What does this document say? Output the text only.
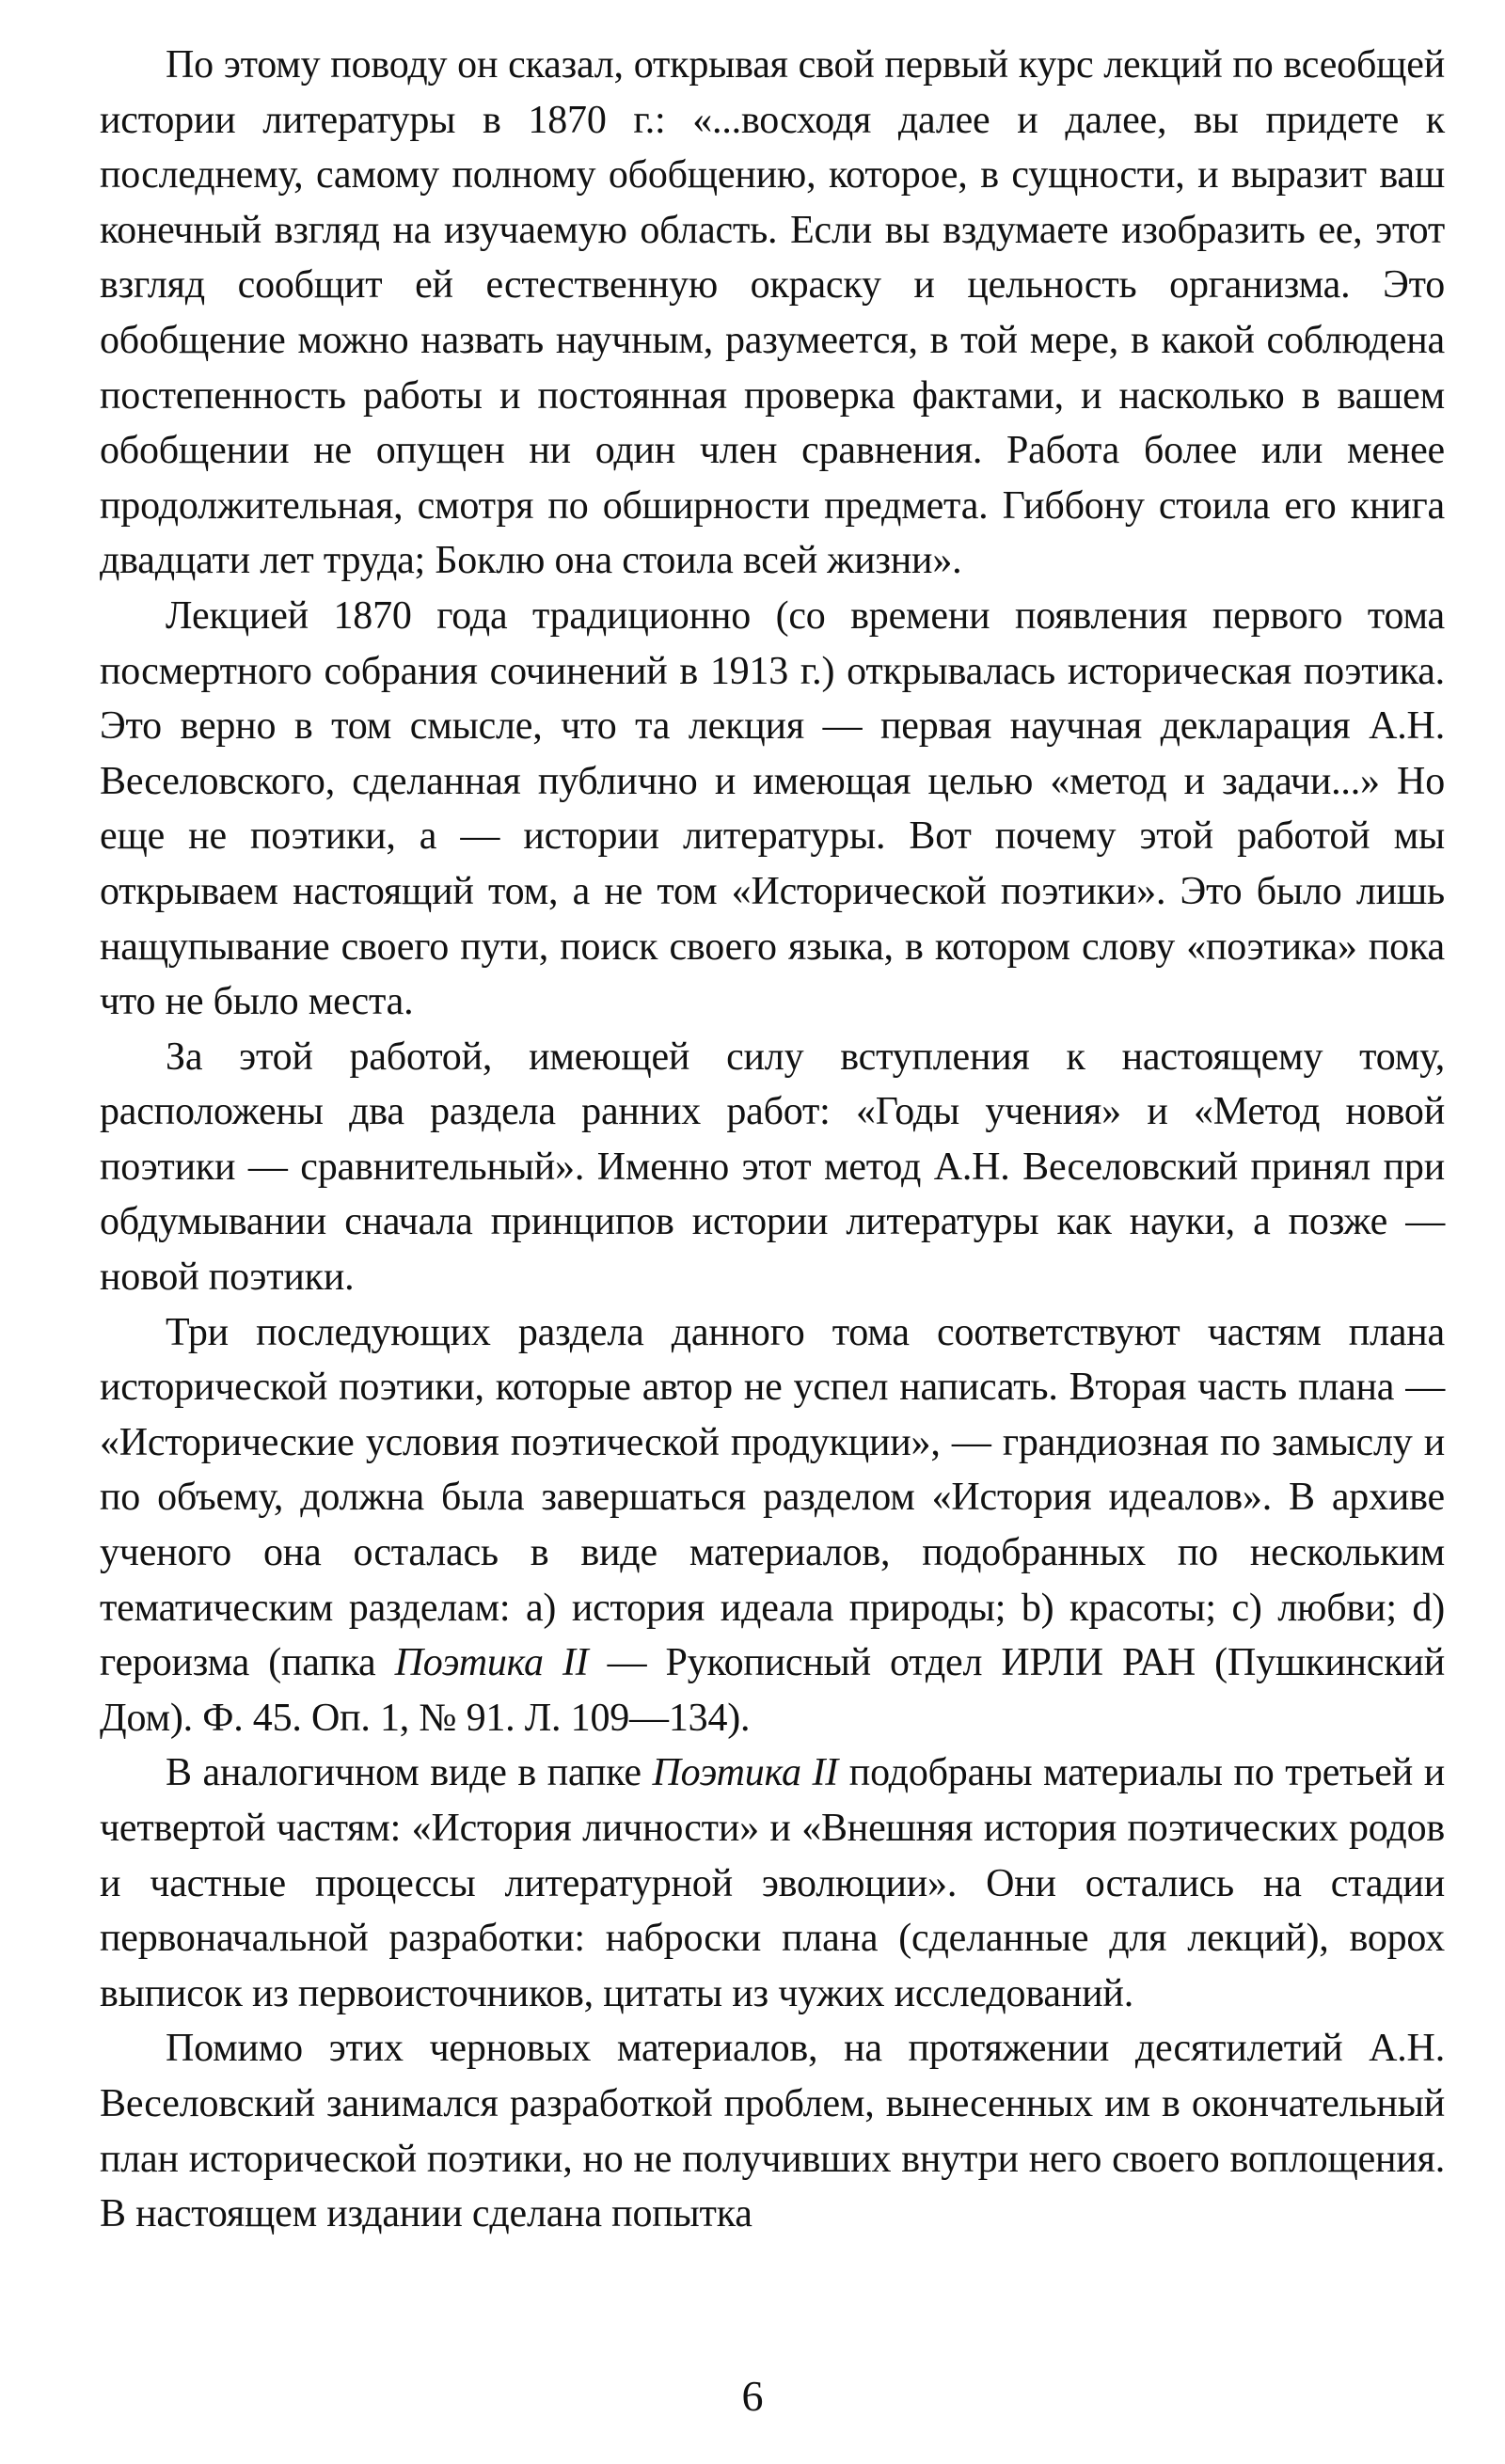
По этому поводу он сказал, открывая свой первый курс лекций по всеобщей истории литературы в 1870 г.: «...восходя далее и далее, вы придете к последнему, самому полному обобщению, которое, в сущности, и выразит ваш конечный взгляд на изучаемую область. Если вы вздумаете изобразить ее, этот взгляд сообщит ей естественную окраску и цельность организма. Это обобщение можно назвать научным, разумеется, в той мере, в какой соблюдена постепенность работы и постоянная проверка фактами, и насколько в вашем обобщении не опущен ни один член сравнения. Работа более или менее продолжительная, смотря по обширности предмета. Гиббону стоила его книга двадцати лет труда; Боклю она стоила всей жизни».

Лекцией 1870 года традиционно (со времени появления первого тома посмертного собрания сочинений в 1913 г.) открывалась историческая поэтика. Это верно в том смысле, что та лекция — первая научная декларация А.Н. Веселовского, сделанная публично и имеющая целью «метод и задачи...» Но еще не поэтики, а — истории литературы. Вот почему этой работой мы открываем настоящий том, а не том «Исторической поэтики». Это было лишь нащупывание своего пути, поиск своего языка, в котором слову «поэтика» пока что не было места.

За этой работой, имеющей силу вступления к настоящему тому, расположены два раздела ранних работ: «Годы учения» и «Метод новой поэтики — сравнительный». Именно этот метод А.Н. Веселовский принял при обдумывании сначала принципов истории литературы как науки, а позже — новой поэтики.

Три последующих раздела данного тома соответствуют частям плана исторической поэтики, которые автор не успел написать. Вторая часть плана — «Исторические условия поэтической продукции», — грандиозная по замыслу и по объему, должна была завершаться разделом «История идеалов». В архиве ученого она осталась в виде материалов, подобранных по нескольким тематическим разделам: а) история идеала природы; b) красоты; с) любви; d) героизма (папка Поэтика II — Рукописный отдел ИРЛИ РАН (Пушкинский Дом). Ф. 45. Оп. 1, № 91. Л. 109—134).

В аналогичном виде в папке Поэтика II подобраны материалы по третьей и четвертой частям: «История личности» и «Внешняя история поэтических родов и частные процессы литературной эволюции». Они остались на стадии первоначальной разработки: наброски плана (сделанные для лекций), ворох выписок из первоисточников, цитаты из чужих исследований.

Помимо этих черновых материалов, на протяжении десятилетий А.Н. Веселовский занимался разработкой проблем, вынесенных им в окончательный план исторической поэтики, но не получивших внутри него своего воплощения. В настоящем издании сделана попытка

6
